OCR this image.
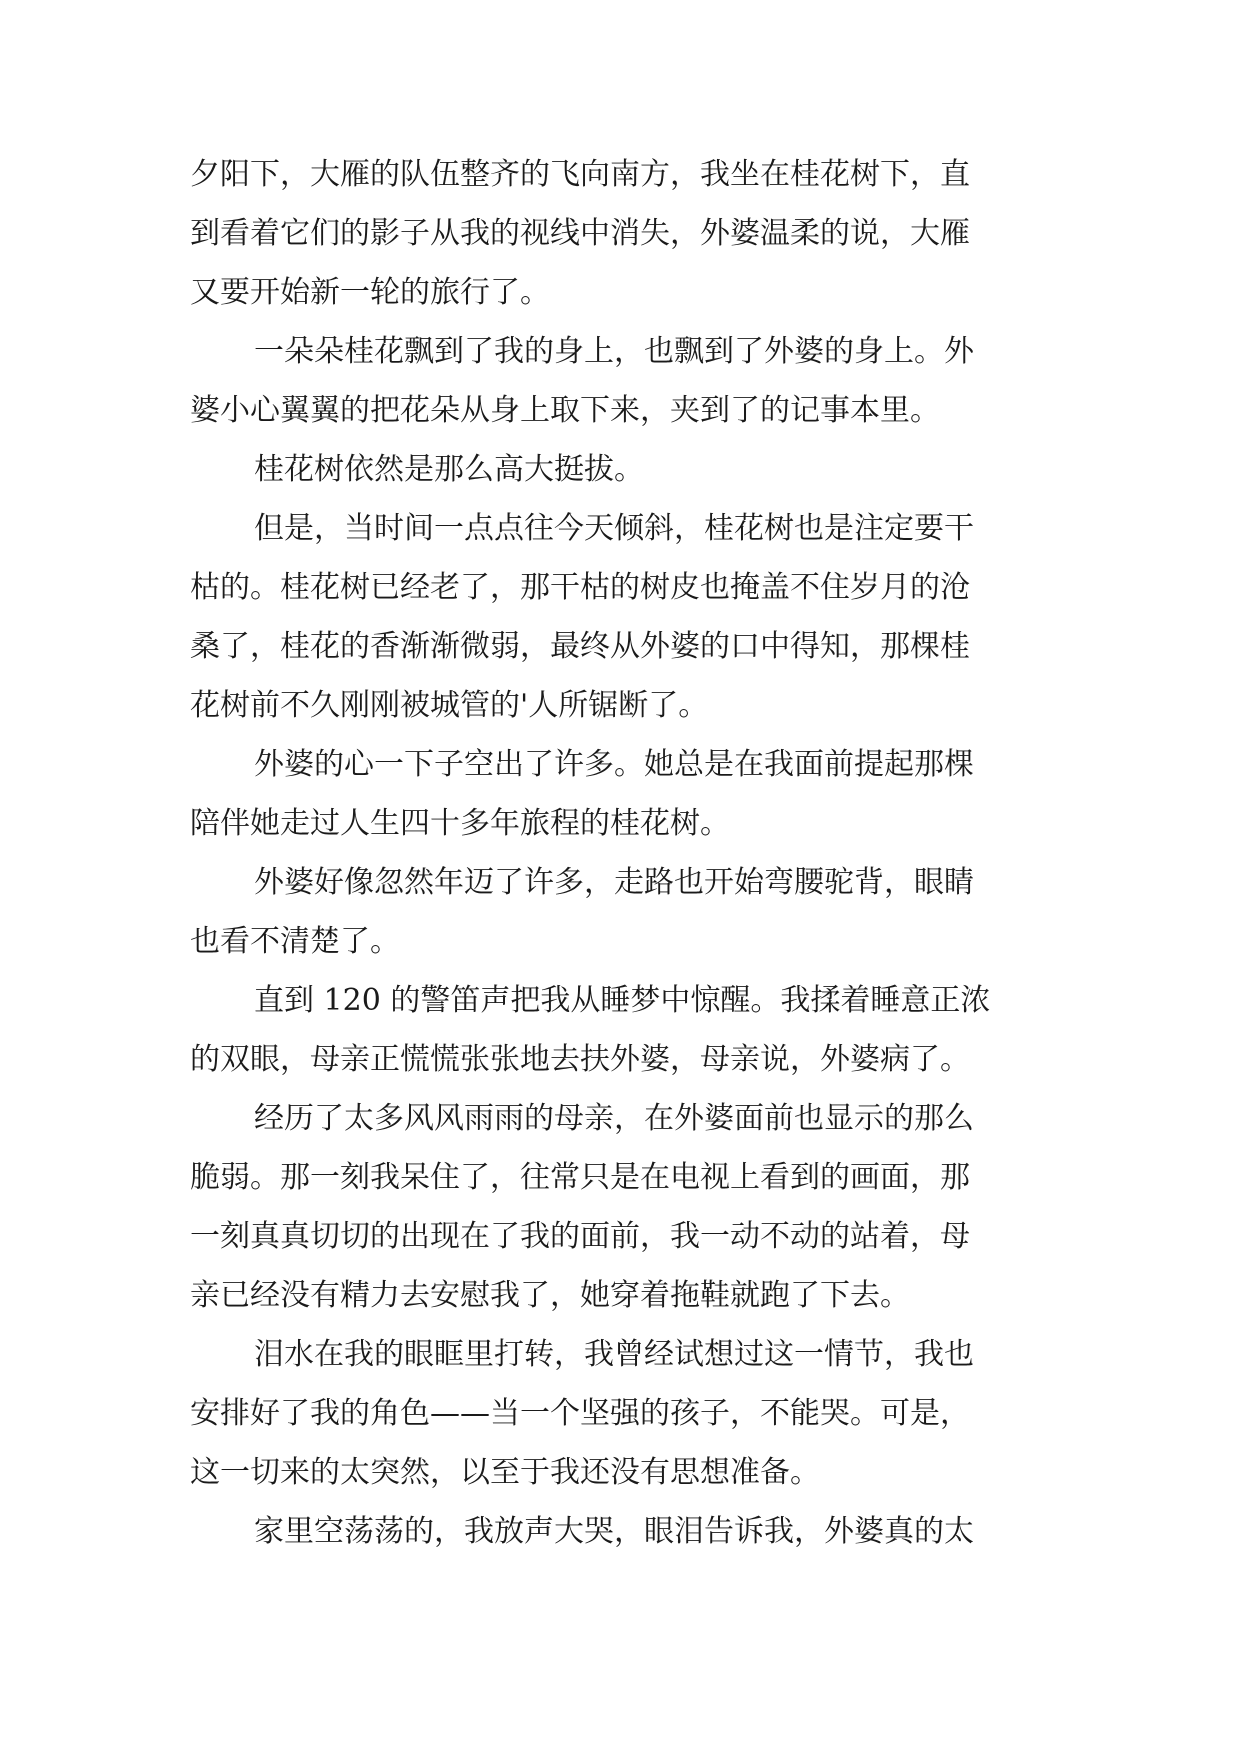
夕阳下，大雁的队伍整齐的飞向南方，我坐在桂花树下，直
到看着它们的影子从我的视线中消失，外婆温柔的说，大雁
又要开始新一轮的旅行了。
一朵朵桂花飘到了我的身上，也飘到了外婆的身上。外
婆小心翼翼的把花朵从身上取下来，夹到了的记事本里。
桂花树依然是那么高大挺拔。
但是，当时间一点点往今天倾斜，桂花树也是注定要干
枯的。桂花树已经老了，那干枯的树皮也掩盖不住岁月的沧
桑了，桂花的香渐渐微弱，最终从外婆的口中得知，那棵桂
花树前不久刚刚被城管的'人所锯断了。
外婆的心一下子空出了许多。她总是在我面前提起那棵
陪伴她走过人生四十多年旅程的桂花树。
外婆好像忽然年迈了许多，走路也开始弯腰驼背，眼睛
也看不清楚了。
直到 120 的警笛声把我从睡梦中惊醒。我揉着睡意正浓
的双眼，母亲正慌慌张张地去扶外婆，母亲说，外婆病了。
经历了太多风风雨雨的母亲，在外婆面前也显示的那么
脆弱。那一刻我呆住了，往常只是在电视上看到的画面，那
一刻真真切切的出现在了我的面前，我一动不动的站着，母
亲已经没有精力去安慰我了，她穿着拖鞋就跑了下去。
泪水在我的眼眶里打转，我曾经试想过这一情节，我也
安排好了我的角色——当一个坚强的孩子，不能哭。可是，
这一切来的太突然，以至于我还没有思想准备。
家里空荡荡的，我放声大哭，眼泪告诉我，外婆真的太
